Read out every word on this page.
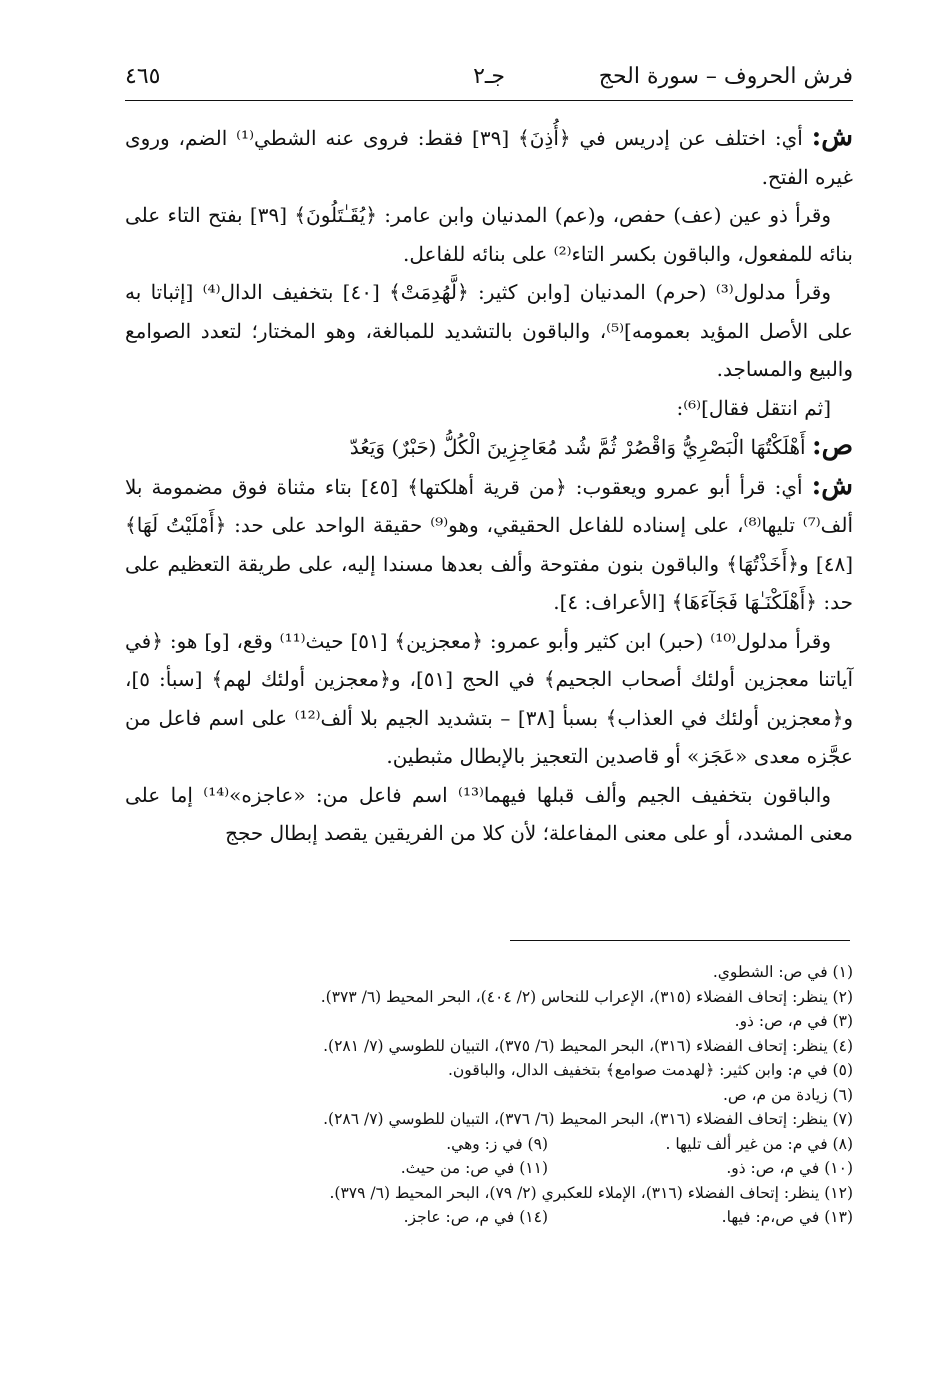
فرش الحروف – سورة الحج
جـ٢
٤٦٥

ش: أي: اختلف عن إدريس في ﴿أُذِنَ﴾ [٣٩] فقط: فروى عنه الشطي⁽¹⁾ الضم، وروى غيره الفتح.

وقرأ ذو عين (عف) حفص، و(عم) المدنيان وابن عامر: ﴿يُقَـٰتَلُونَ﴾ [٣٩] بفتح التاء على بنائه للمفعول، والباقون بكسر التاء⁽²⁾ على بنائه للفاعل.

وقرأ مدلول⁽³⁾ (حرم) المدنيان [وابن كثير: ﴿لَّهُدِمَتْ﴾ [٤٠] بتخفيف الدال⁽⁴⁾ [إثباتا به على الأصل المؤيد بعمومه]⁽⁵⁾، والباقون بالتشديد للمبالغة، وهو المختار؛ لتعدد الصوامع والبيع والمساجد.

[ثم انتقل فقال]⁽⁶⁾:

ص: أَهْلَكْتُهَا الْبَصْرِيُّ وَاقْصُرْ ثُمَّ شُد مُعَاجِزِينَ الْكُلُّ (حَبْرٌ) وَيَعُدّ

ش: أي: قرأ أبو عمرو ويعقوب: ﴿من قرية أهلكتها﴾ [٤٥] بتاء مثناة فوق مضمومة بلا ألف⁽⁷⁾ تليها⁽⁸⁾، على إسناده للفاعل الحقيقي، وهو⁽⁹⁾ حقيقة الواحد على حد: ﴿أَمْلَيْتُ لَهَا﴾ [٤٨] و﴿أَخَذْتُهَا﴾ والباقون بنون مفتوحة وألف بعدها مسندا إليه، على طريقة التعظيم على حد: ﴿أَهْلَكْنَـٰهَا فَجَآءَهَا﴾ [الأعراف: ٤].

وقرأ مدلول⁽¹⁰⁾ (حبر) ابن كثير وأبو عمرو: ﴿معجزين﴾ [٥١] حيث⁽¹¹⁾ وقع، [و] هو: ﴿في آياتنا معجزين أولئك أصحاب الجحيم﴾ في الحج [٥١]، و﴿معجزين أولئك لهم﴾ [سبأ: ٥]، و﴿معجزين أولئك في العذاب﴾ بسبأ [٣٨] – بتشديد الجيم بلا ألف⁽¹²⁾ على اسم فاعل من عجَّزه معدى «عَجَز» أو قاصدين التعجيز بالإبطال مثبطين.

والباقون بتخفيف الجيم وألف قبلها فيهما⁽¹³⁾ اسم فاعل من: «عاجزه»⁽¹⁴⁾ إما على معنى المشدد، أو على معنى المفاعلة؛ لأن كلا من الفريقين يقصد إبطال حجج

(١) في ص: الشطوي.
(٢) ينظر: إتحاف الفضلاء (٣١٥)، الإعراب للنحاس (٢/ ٤٠٤)، البحر المحيط (٦/ ٣٧٣).
(٣) في م، ص: ذو.
(٤) ينظر: إتحاف الفضلاء (٣١٦)، البحر المحيط (٦/ ٣٧٥)، التبيان للطوسي (٧/ ٢٨١).
(٥) في م: وابن كثير: ﴿لهدمت صوامع﴾ بتخفيف الدال، والباقون.
(٦) زيادة من م، ص.
(٧) ينظر: إتحاف الفضلاء (٣١٦)، البحر المحيط (٦/ ٣٧٦)، التبيان للطوسي (٧/ ٢٨٦).
(٨) في م: من غير ألف تليها .
(٩) في ز: وهي.
(١٠) في م، ص: ذو.
(١١) في ص: من حيث.
(١٢) ينظر: إتحاف الفضلاء (٣١٦)، الإملاء للعكبري (٢/ ٧٩)، البحر المحيط (٦/ ٣٧٩).
(١٣) في ص،م: فيها.
(١٤) في م، ص: عاجز.
